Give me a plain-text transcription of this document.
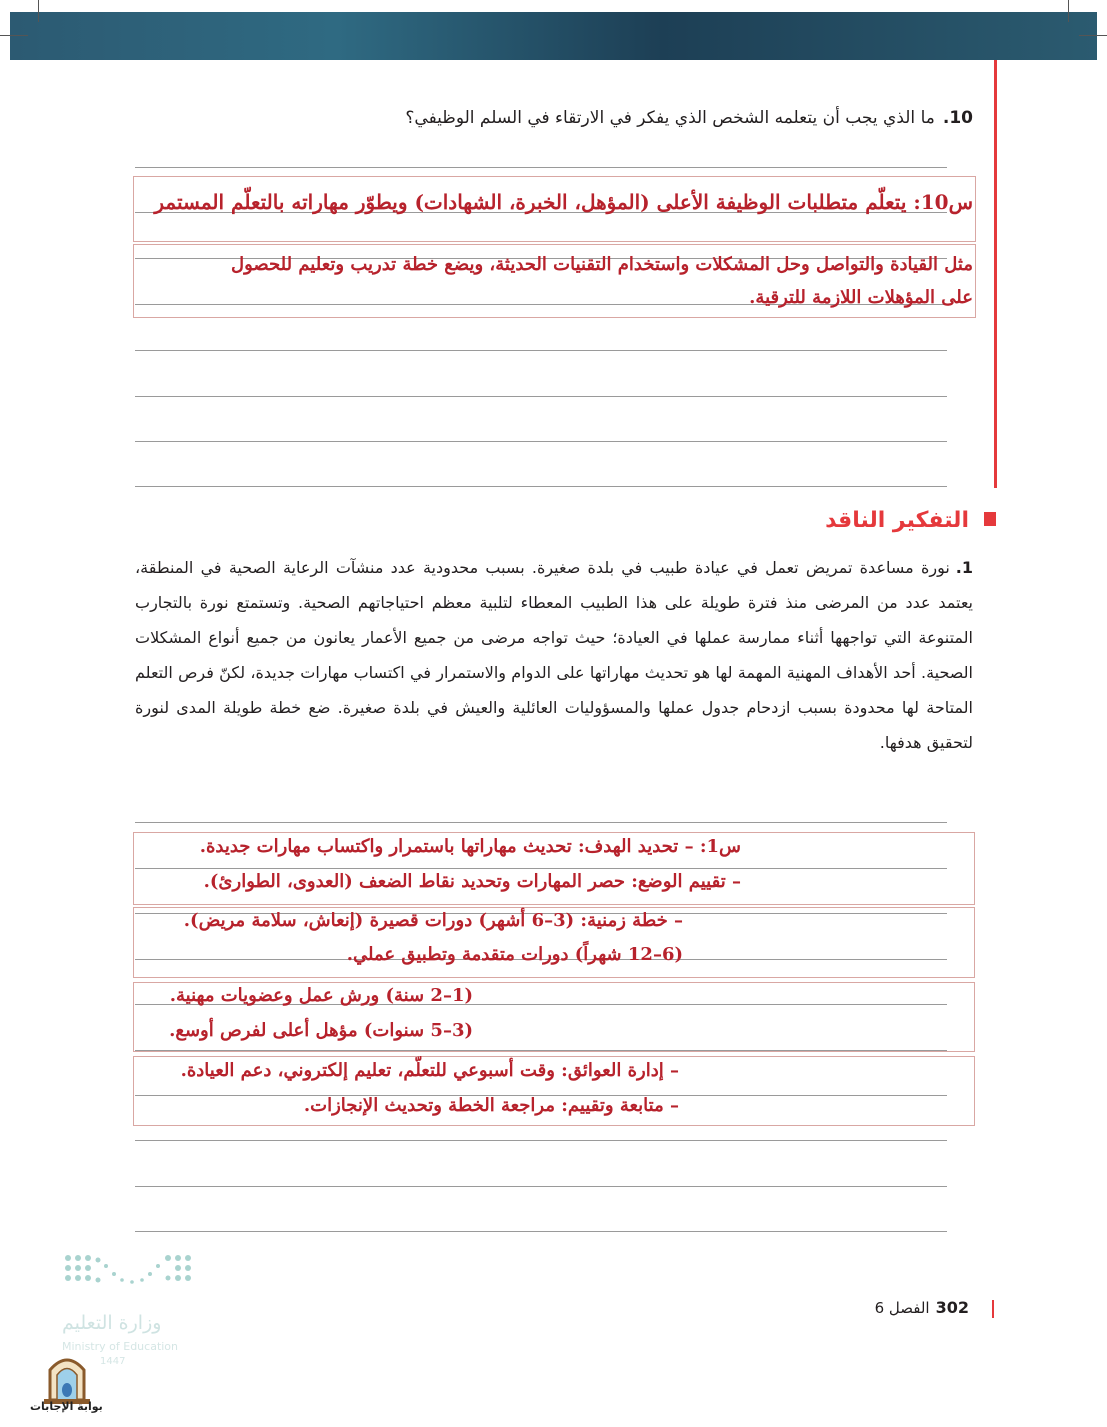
10.ما الذي يجب أن يتعلمه الشخص الذي يفكر في الارتقاء في السلم الوظيفي؟
س10: يتعلّم متطلبات الوظيفة الأعلى (المؤهل، الخبرة، الشهادات) ويطوّر مهاراته بالتعلّم المستمر
مثل القيادة والتواصل وحل المشكلات واستخدام التقنيات الحديثة، ويضع خطة تدريب وتعليم للحصول
على المؤهلات اللازمة للترقية.
التفكير الناقد
1.نورة مساعدة تمريض تعمل في عيادة طبيب في بلدة صغيرة. بسبب محدودية عدد منشآت الرعاية الصحية في المنطقة، يعتمد عدد من المرضى منذ فترة طويلة على هذا الطبيب المعطاء لتلبية معظم احتياجاتهم الصحية. وتستمتع نورة بالتجارب المتنوعة التي تواجهها أثناء ممارسة عملها في العيادة؛ حيث تواجه مرضى من جميع الأعمار يعانون من جميع أنواع المشكلات الصحية. أحد الأهداف المهنية المهمة لها هو تحديث مهاراتها على الدوام والاستمرار في اكتساب مهارات جديدة، لكنّ فرص التعلم المتاحة لها محدودة بسبب ازدحام جدول عملها والمسؤوليات العائلية والعيش في بلدة صغيرة. ضع خطة طويلة المدى لنورة لتحقيق هدفها.
س1: – تحديد الهدف: تحديث مهاراتها باستمرار واكتساب مهارات جديدة.
– تقييم الوضع: حصر المهارات وتحديد نقاط الضعف (العدوى، الطوارئ).
– خطة زمنية: (3–6 أشهر) دورات قصيرة (إنعاش، سلامة مريض).
(6–12 شهراً) دورات متقدمة وتطبيق عملي.
(1–2 سنة) ورش عمل وعضويات مهنية.
(3–5 سنوات) مؤهل أعلى لفرص أوسع.
– إدارة العوائق: وقت أسبوعي للتعلّم، تعليم إلكتروني، دعم العيادة.
– متابعة وتقييم: مراجعة الخطة وتحديث الإنجازات.
302الفصل 6
وزارة التعليم
Ministry of Education
1447
بوابة الإجابات
